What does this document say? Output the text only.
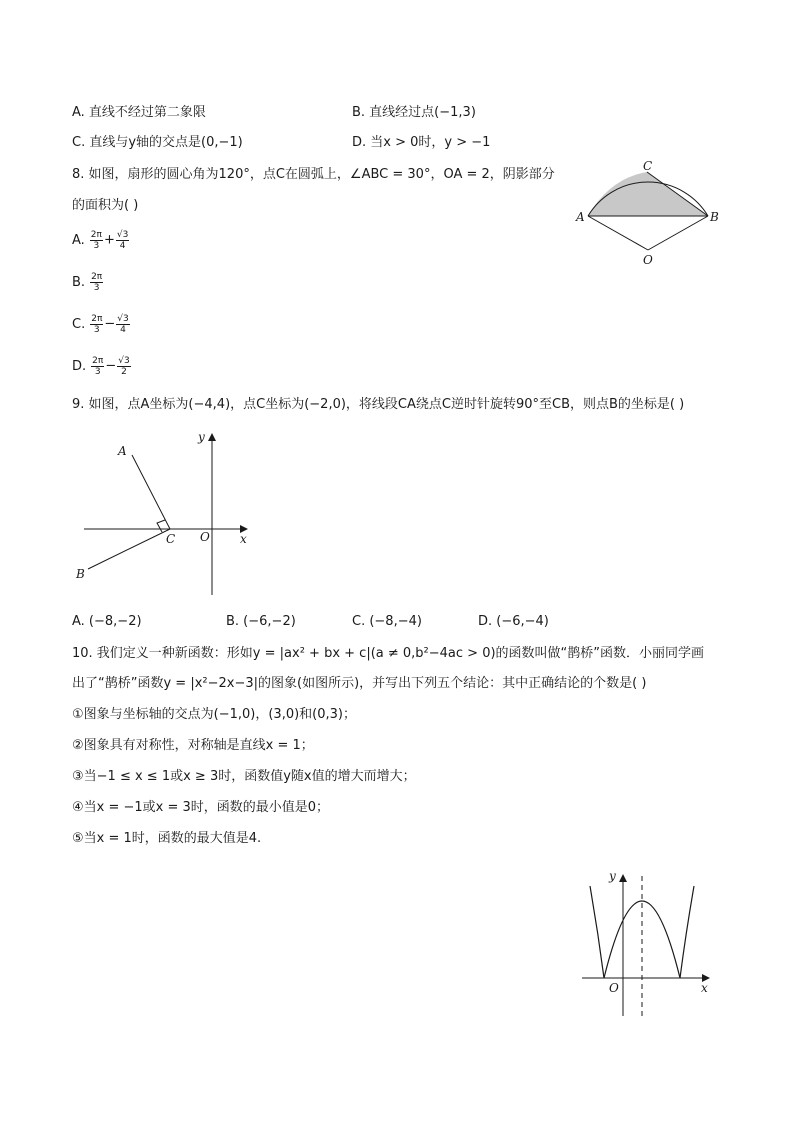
A. 直线不经过第二象限	B. 直线经过点(−1,3)
C. 直线与y轴的交点是(0,−1)	D. 当x > 0时，y > −1
8. 如图，扇形的圆心角为120°，点C在圆弧上，∠ABC = 30°，OA = 2，阴影部分
的面积为( )
A. $\frac{2\pi}{3} + \frac{√3}{4}$
B. $\frac{2\pi}{3}$
C. $\frac{2\pi}{3} - \frac{√3}{4}$
D. $\frac{2\pi}{3} - \frac{√3}{2}$
A	B
C
O
9. 如图，点A坐标为(−4,4)，点C坐标为(−2,0)，将线段CA绕点C逆时针旋转90°至CB，则点B的坐标是( )
A
B
C O	x
y
A. (−8,−2)	B. (−6,−2)	C. (−8,−4)	D. (−6,−4)
10. 我们定义一种新函数：形如y = |ax² + bx + c|(a ≠ 0,b²−4ac > 0)的函数叫做“鹊桥”函数．小丽同学画
出了“鹊桥”函数y = |x²−2x−3|的图象(如图所示)，并写出下列五个结论：其中正确结论的个数是( )
①图象与坐标轴的交点为(−1,0)，(3,0)和(0,3)；
②图象具有对称性，对称轴是直线x = 1；
③当−1 ≤ x ≤ 1或x ≥ 3时，函数值y随x值的增大而增大；
④当x = −1或x = 3时，函数的最小值是0；
⑤当x = 1时，函数的最大值是4.
O	x
y
